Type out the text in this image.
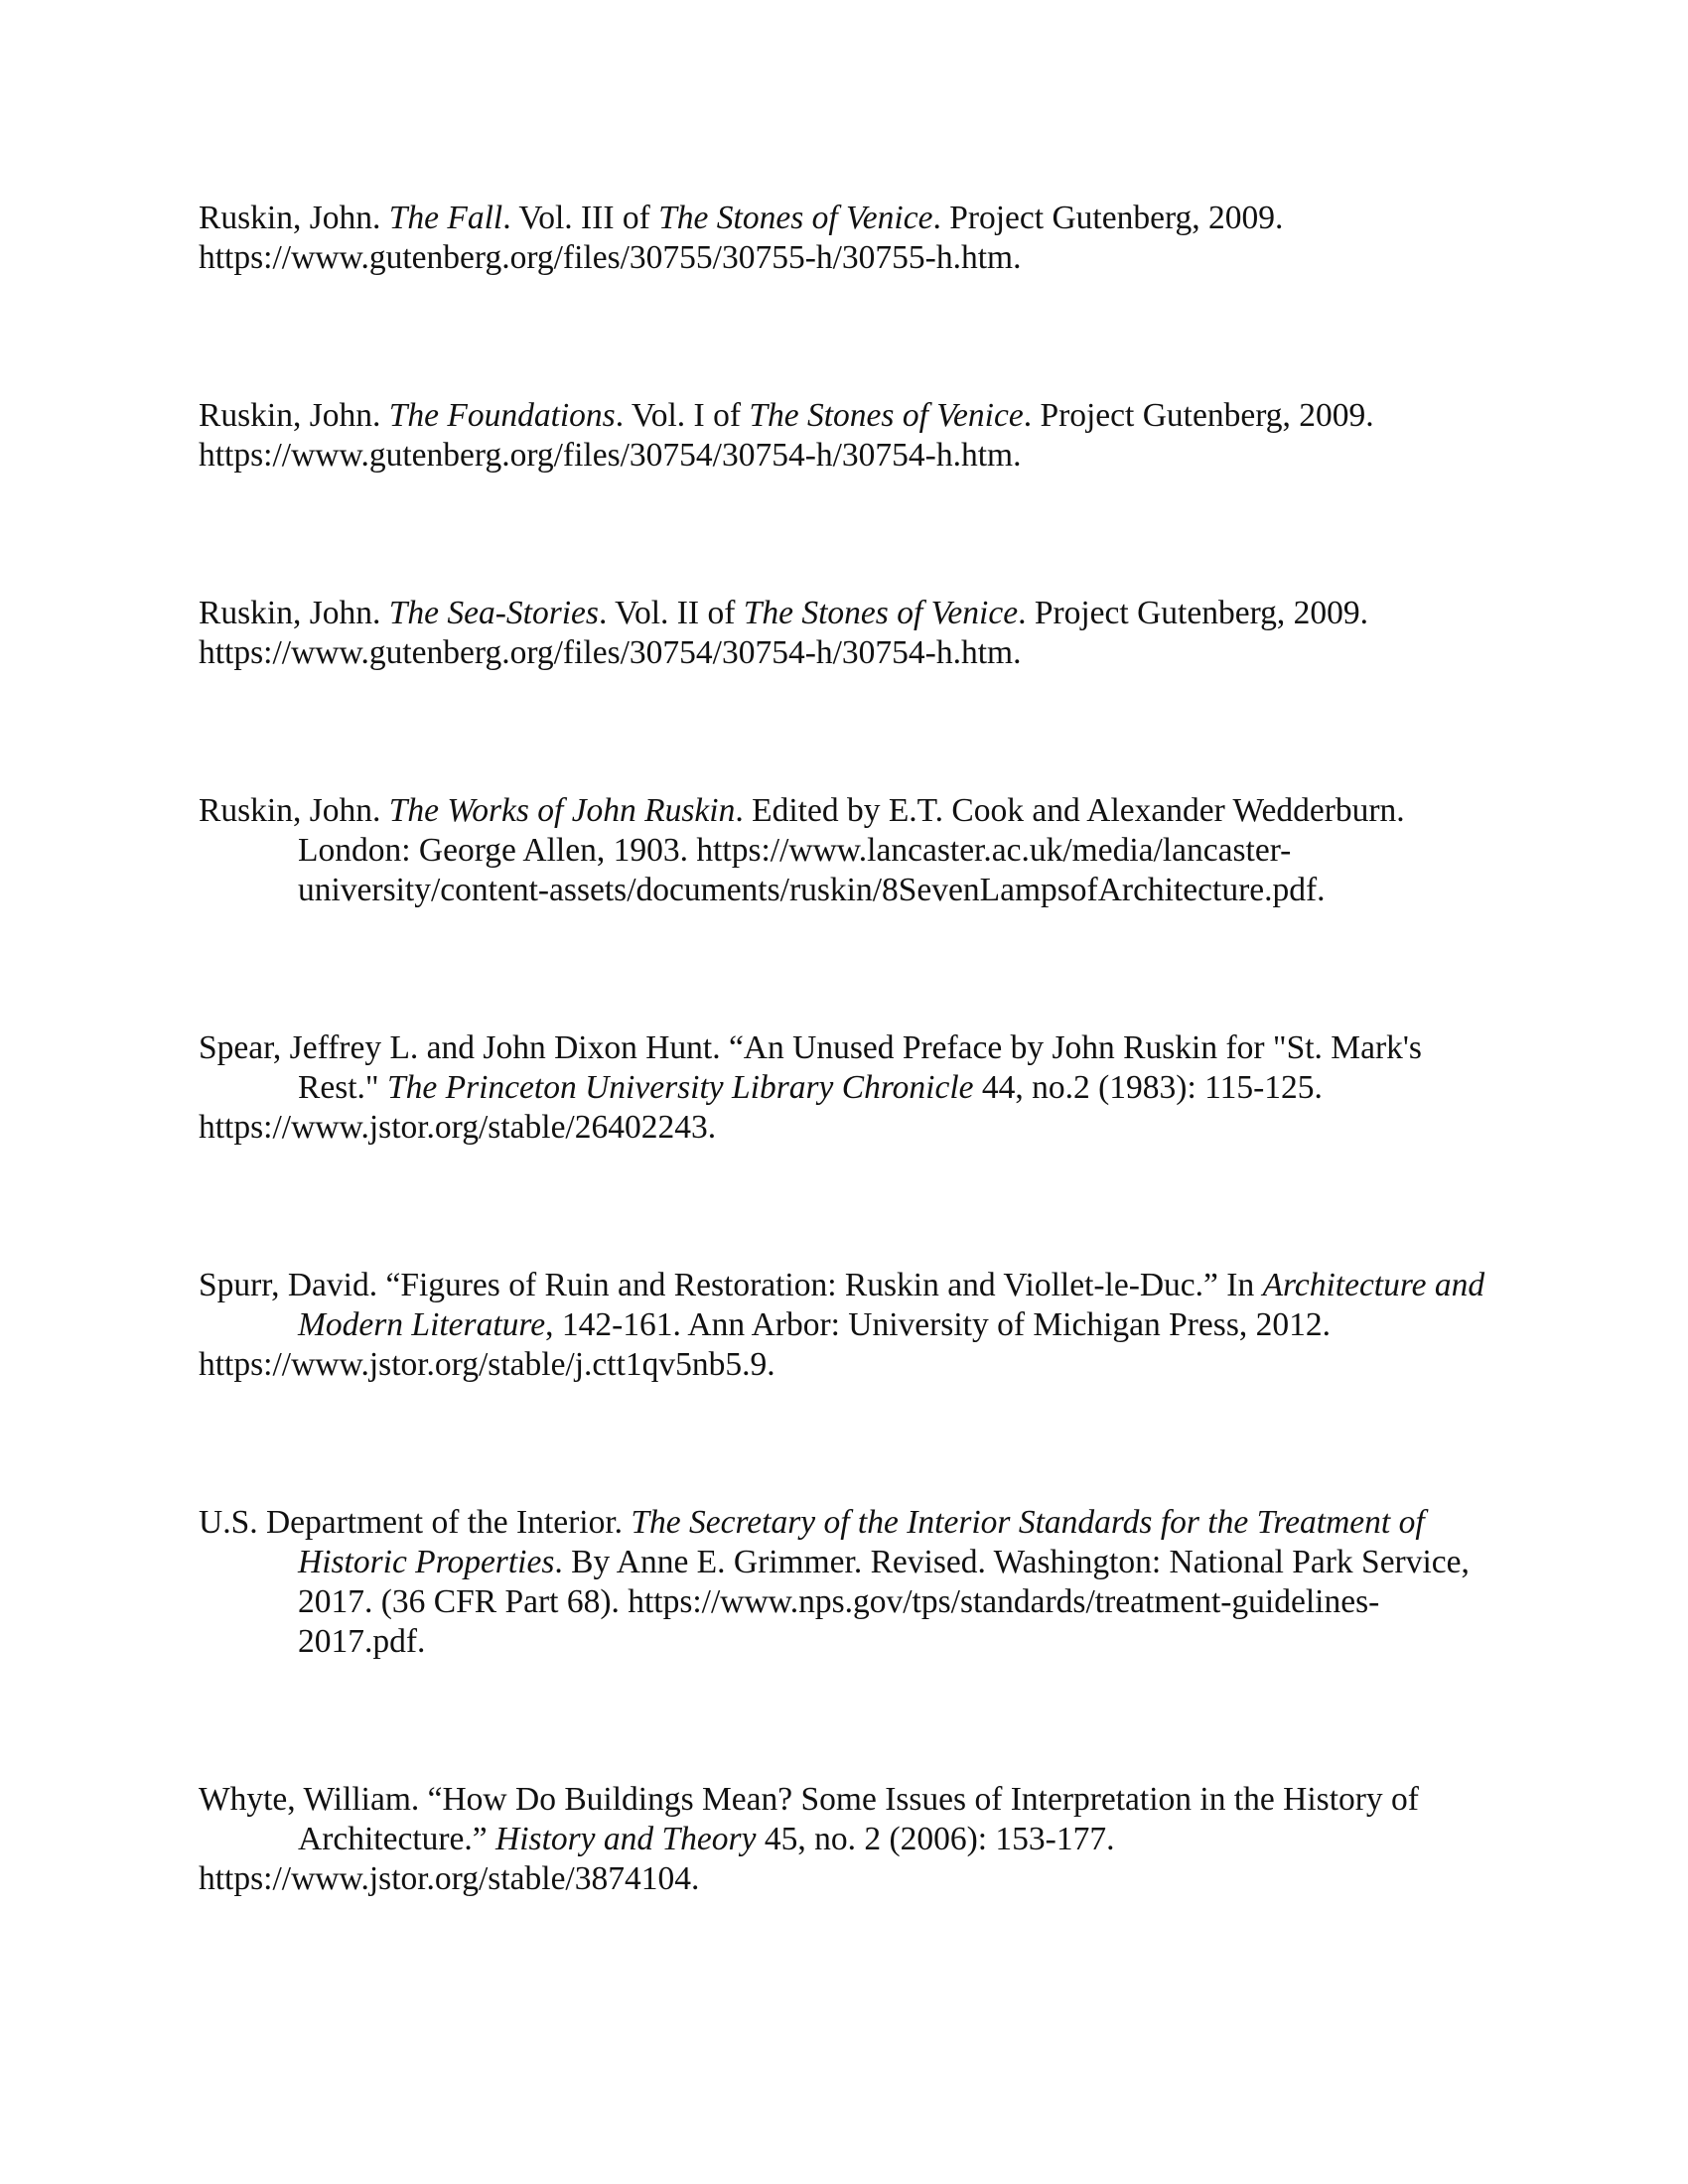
Ruskin, John. The Fall. Vol. III of The Stones of Venice. Project Gutenberg, 2009.
https://www.gutenberg.org/files/30755/30755-h/30755-h.htm.

Ruskin, John. The Foundations. Vol. I of The Stones of Venice. Project Gutenberg, 2009.
https://www.gutenberg.org/files/30754/30754-h/30754-h.htm.

Ruskin, John. The Sea-Stories. Vol. II of The Stones of Venice. Project Gutenberg, 2009.
https://www.gutenberg.org/files/30754/30754-h/30754-h.htm.

Ruskin, John. The Works of John Ruskin. Edited by E.T. Cook and Alexander Wedderburn. London: George Allen, 1903. https://www.lancaster.ac.uk/media/lancaster-university/content-assets/documents/ruskin/8SevenLampsofArchitecture.pdf.

Spear, Jeffrey L. and John Dixon Hunt. “An Unused Preface by John Ruskin for "St. Mark's Rest." The Princeton University Library Chronicle 44, no.2 (1983): 115-125.
https://www.jstor.org/stable/26402243.

Spurr, David. “Figures of Ruin and Restoration: Ruskin and Viollet-le-Duc.” In Architecture and Modern Literature, 142-161. Ann Arbor: University of Michigan Press, 2012.
https://www.jstor.org/stable/j.ctt1qv5nb5.9.

U.S. Department of the Interior. The Secretary of the Interior Standards for the Treatment of Historic Properties. By Anne E. Grimmer. Revised. Washington: National Park Service, 2017. (36 CFR Part 68). https://www.nps.gov/tps/standards/treatment-guidelines-2017.pdf.

Whyte, William. “How Do Buildings Mean? Some Issues of Interpretation in the History of Architecture.” History and Theory 45, no. 2 (2006): 153-177.
https://www.jstor.org/stable/3874104.
